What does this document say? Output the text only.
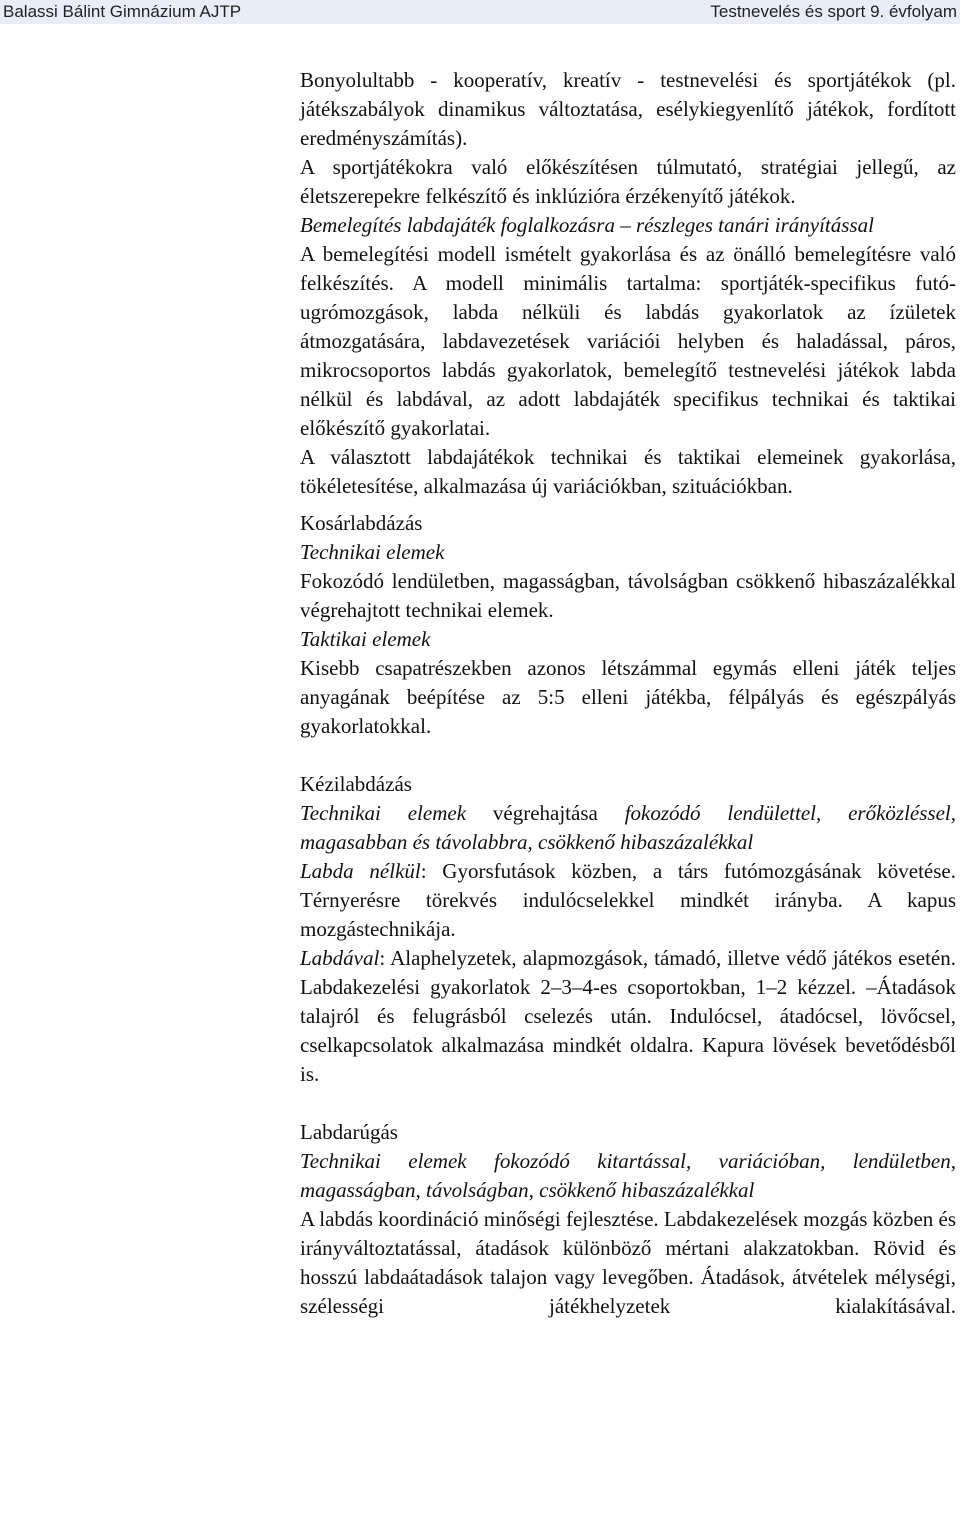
Balassi Bálint Gimnázium AJTP	Testnevelés és sport 9. évfolyam

Bonyolultabb - kooperatív, kreatív - testnevelési és sportjátékok (pl. játékszabályok dinamikus változtatása, esélykiegyenlítő játékok, fordított eredményszámítás).

A sportjátékokra való előkészítésen túlmutató, stratégiai jellegű, az életszerepekre felkészítő és inklúzióra érzékenyítő játékok.

Bemelegítés labdajáték foglalkozásra – részleges tanári irányítással

A bemelegítési modell ismételt gyakorlása és az önálló bemelegítésre való felkészítés. A modell minimális tartalma: sportjáték-specifikus futó-ugrómozgások, labda nélküli és labdás gyakorlatok az ízületek átmozgatására, labdavezetések variációi helyben és haladással, páros, mikrocsoportos labdás gyakorlatok, bemelegítő testnevelési játékok labda nélkül és labdával, az adott labdajáték specifikus technikai és taktikai előkészítő gyakorlatai.

A választott labdajátékok technikai és taktikai elemeinek gyakorlása, tökéletesítése, alkalmazása új variációkban, szituációkban.

Kosárlabdázás

Technikai elemek

Fokozódó lendületben, magasságban, távolságban csökkenő hibaszázalékkal végrehajtott technikai elemek.

Taktikai elemek

Kisebb csapatrészekben azonos létszámmal egymás elleni játék teljes anyagának beépítése az 5:5 elleni játékba, félpályás és egészpályás gyakorlatokkal.

Kézilabdázás

Technikai elemek végrehajtása fokozódó lendülettel, erőközléssel, magasabban és távolabbra, csökkenő hibaszázalékkal

Labda nélkül: Gyorsfutások közben, a társ futómozgásának követése. Térnyerésre törekvés indulócselekkel mindkét irányba. A kapus mozgástechnikája.

Labdával: Alaphelyzetek, alapmozgások, támadó, illetve védő játékos esetén. Labdakezelési gyakorlatok 2–3–4-es csoportokban, 1–2 kézzel. –Átadások talajról és felugrásból cselezés után. Indulócsel, átadócsel, lövőcsel, cselkapcsolatok alkalmazása mindkét oldalra. Kapura lövések bevetődésből is.

Labdarúgás

Technikai elemek fokozódó kitartással, variációban, lendületben, magasságban, távolságban, csökkenő hibaszázalékkal

A labdás koordináció minőségi fejlesztése. Labdakezelések mozgás közben és irányváltoztatással, átadások különböző mértani alakzatokban. Rövid és hosszú labdaátadások talajon vagy levegőben. Átadások, átvételek mélységi, szélességi játékhelyzetek kialakításával.
